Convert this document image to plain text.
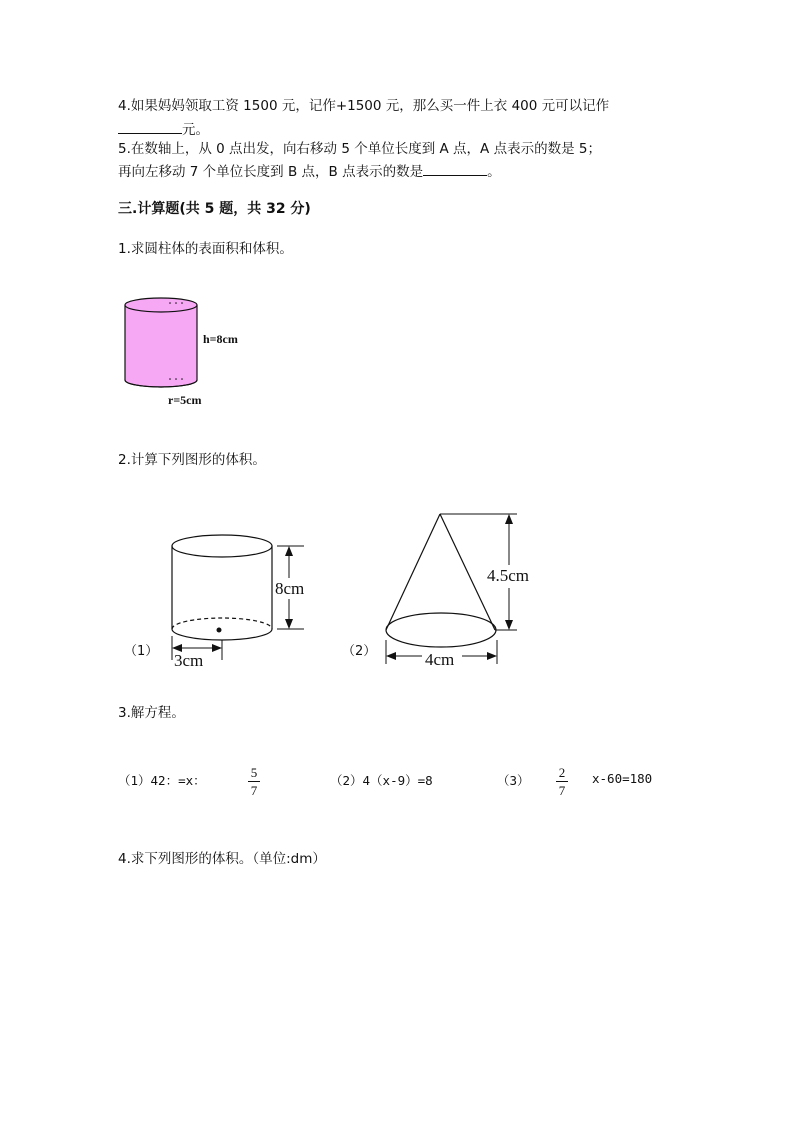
4.如果妈妈领取工资 1500 元，记作+1500 元，那么买一件上衣 400 元可以记作
元。
5.在数轴上，从 0 点出发，向右移动 5 个单位长度到 A 点，A 点表示的数是 5；
再向左移动 7 个单位长度到 B 点，B 点表示的数是	。
三.计算题(共 5 题，共 32 分)
1.求圆柱体的表面积和体积。
h=8cm
r=5cm
2.计算下列图形的体积。
（1）
8cm
3cm	（2）
4.5cm
4cm
3.解方程。
（1）42：=x：
5
7
（2）4（x-9）=8	（3）
2
7
x-60=180
4.求下列图形的体积。（单位:dm）
